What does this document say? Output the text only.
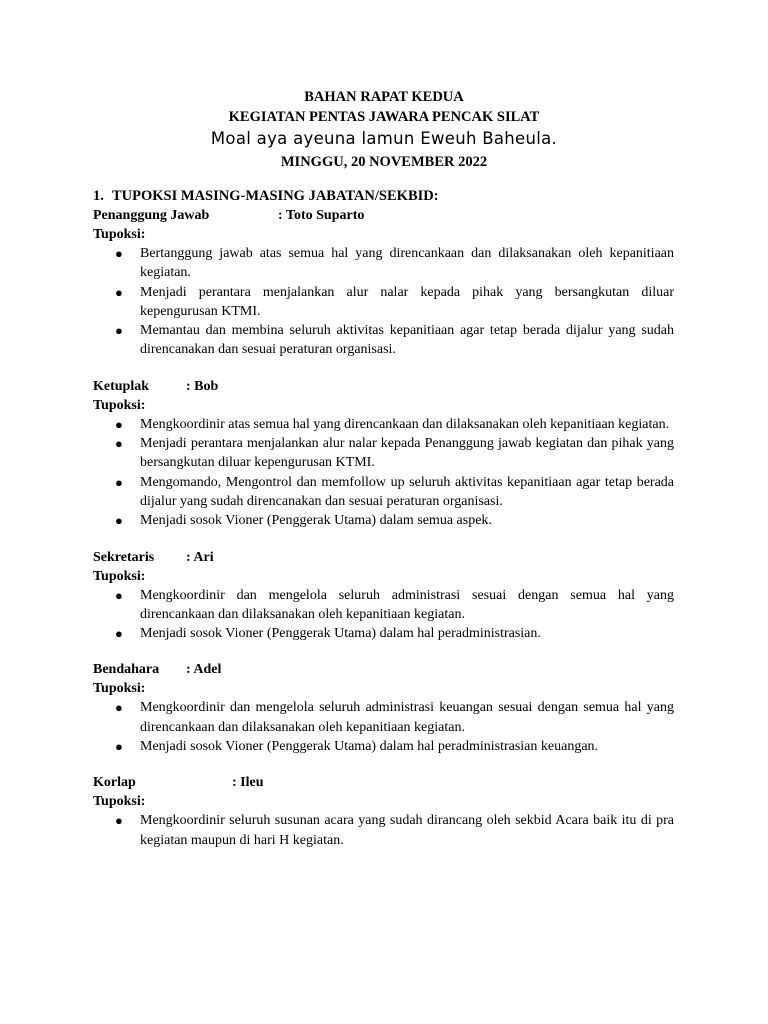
BAHAN RAPAT KEDUA
KEGIATAN PENTAS JAWARA PENCAK SILAT
Moal aya ayeuna lamun Eweuh Baheula.
MINGGU, 20 NOVEMBER 2022

1. TUPOKSI MASING-MASING JABATAN/SEKBID:

Penanggung Jawab	: Toto Suparto
Tupoksi:
● Bertanggung jawab atas semua hal yang direncankaan dan dilaksanakan oleh kepanitiaan kegiatan.
● Menjadi perantara menjalankan alur nalar kepada pihak yang bersangkutan diluar kepengurusan KTMI.
● Memantau dan membina seluruh aktivitas kepanitiaan agar tetap berada dijalur yang sudah direncanakan dan sesuai peraturan organisasi.
Ketuplak	: Bob
Tupoksi:
● Mengkoordinir atas semua hal yang direncankaan dan dilaksanakan oleh kepanitiaan kegiatan.
● Menjadi perantara menjalankan alur nalar kepada Penanggung jawab kegiatan dan pihak yang bersangkutan diluar kepengurusan KTMI.
● Mengomando, Mengontrol dan memfollow up seluruh aktivitas kepanitiaan agar tetap berada dijalur yang sudah direncanakan dan sesuai peraturan organisasi.
● Menjadi sosok Vioner (Penggerak Utama) dalam semua aspek.
Sekretaris	: Ari
Tupoksi:
● Mengkoordinir dan mengelola seluruh administrasi sesuai dengan semua hal yang direncankaan dan dilaksanakan oleh kepanitiaan kegiatan.
● Menjadi sosok Vioner (Penggerak Utama) dalam hal peradministrasian.
Bendahara	: Adel
Tupoksi:
● Mengkoordinir dan mengelola seluruh administrasi keuangan sesuai dengan semua hal yang direncankaan dan dilaksanakan oleh kepanitiaan kegiatan.
● Menjadi sosok Vioner (Penggerak Utama) dalam hal peradministrasian keuangan.
Korlap	: Ileu
Tupoksi:
● Mengkoordinir seluruh susunan acara yang sudah dirancang oleh sekbid Acara baik itu di pra kegiatan maupun di hari H kegiatan.
